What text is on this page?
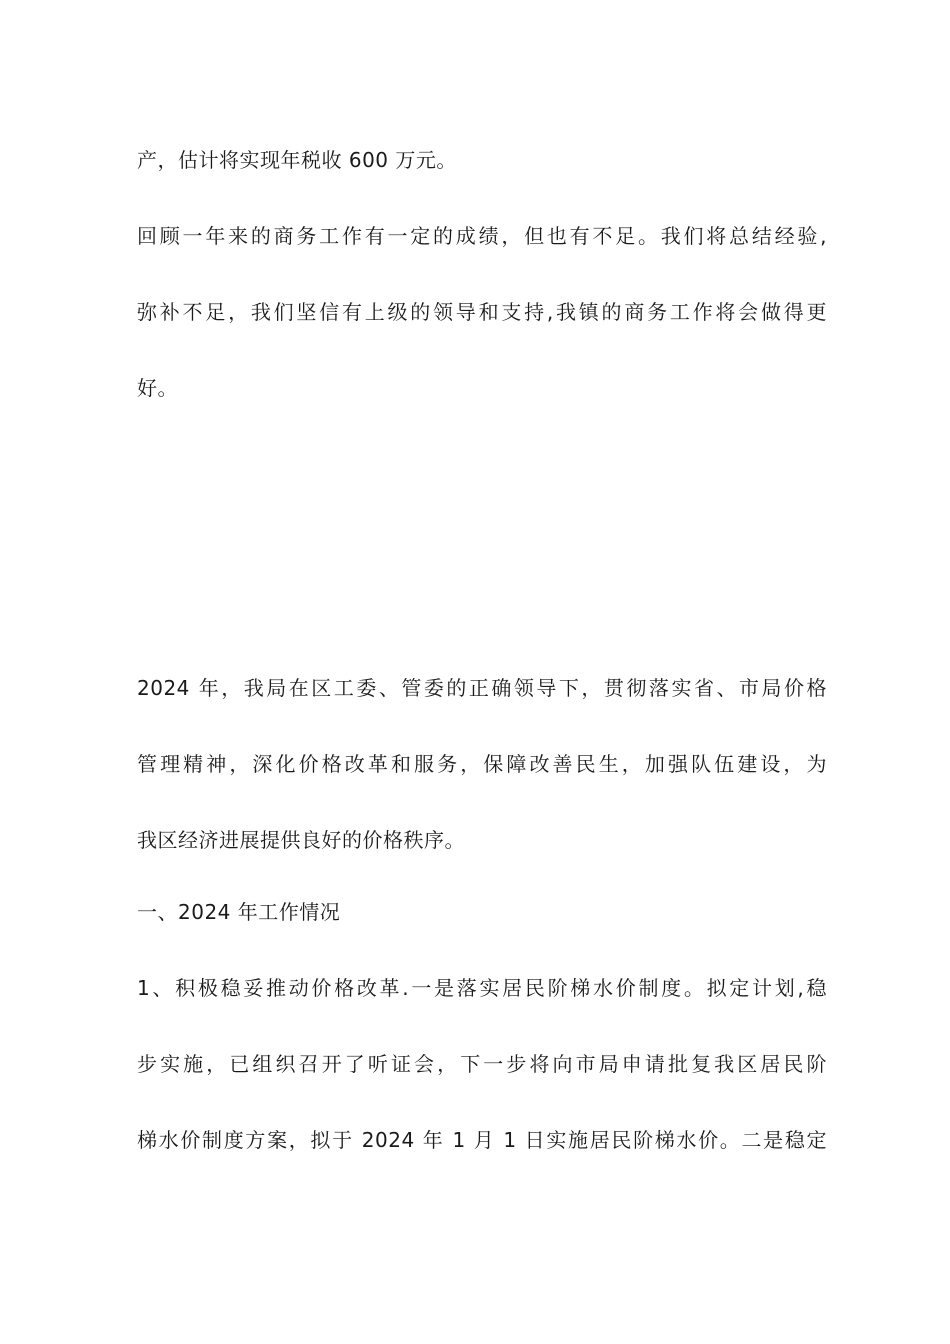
产，估计将实现年税收 600 万元。
回顾一年来的商务工作有一定的成绩，但也有不足。我们将总结经验,
弥补不足，我们坚信有上级的领导和支持,我镇的商务工作将会做得更
好。
2024 年，我局在区工委、管委的正确领导下，贯彻落实省、市局价格
管理精神，深化价格改革和服务，保障改善民生，加强队伍建设，为
我区经济进展提供良好的价格秩序。
一、2024 年工作情况
1、积极稳妥推动价格改革.一是落实居民阶梯水价制度。拟定计划,稳
步实施，已组织召开了听证会，下一步将向市局申请批复我区居民阶
梯水价制度方案，拟于 2024 年 1 月 1 日实施居民阶梯水价。二是稳定
